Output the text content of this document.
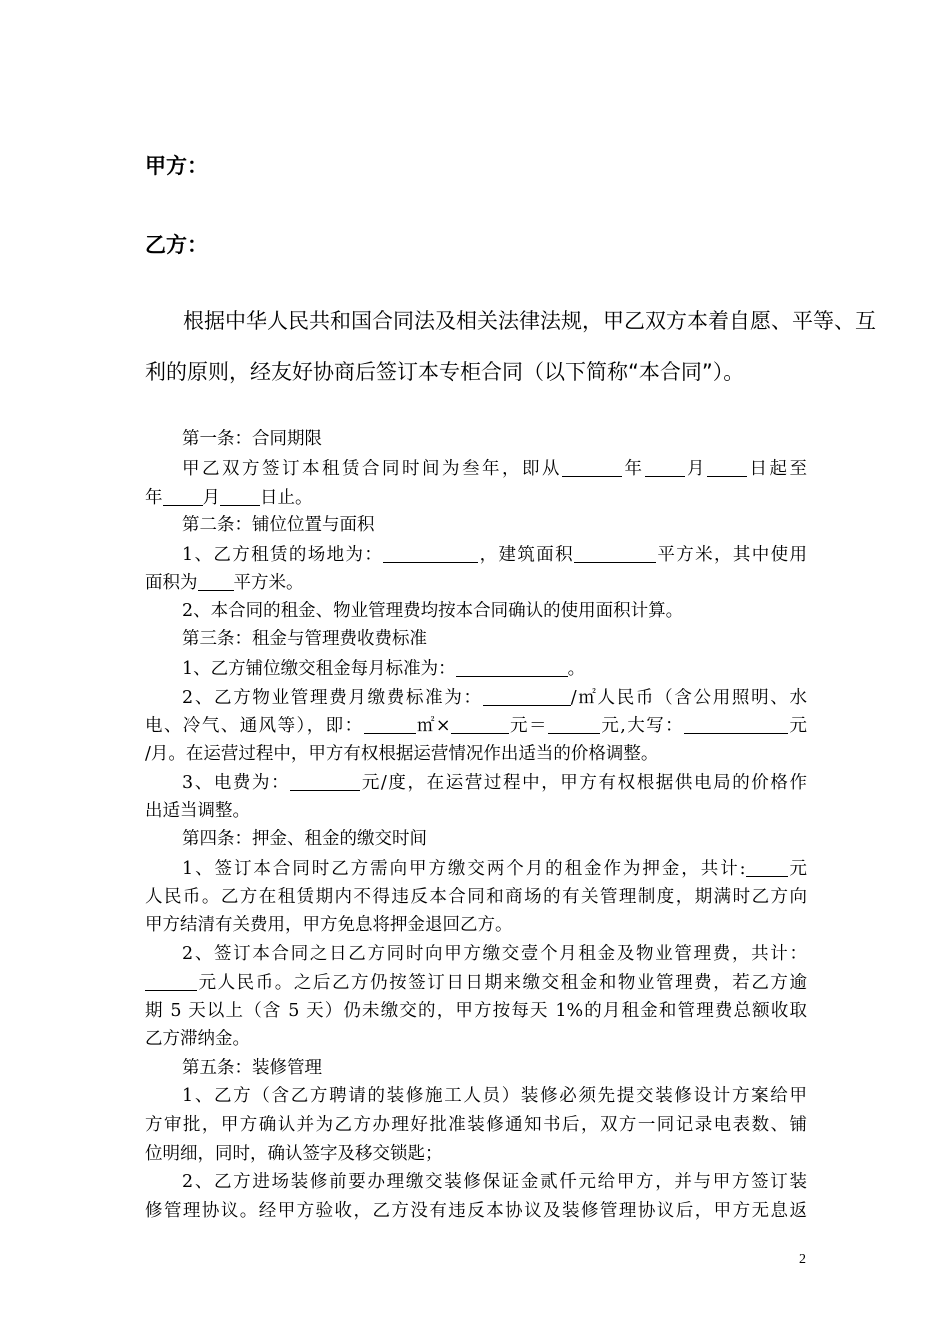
甲方：
乙方：
根据中华人民共和国合同法及相关法律法规，甲乙双方本着自愿、平等、互
利的原则，经友好协商后签订本专柜合同（以下简称“本合同”）。
第一条：合同期限
甲乙双方签订本租赁合同时间为叁年，即从	年 月 日起至
年 月 日止。
第二条：铺位位置与面积
1、乙方租赁的场地为：	，建筑面积	平方米，其中使用
面积为 平方米。
2、本合同的租金、物业管理费均按本合同确认的使用面积计算。
第三条：租金与管理费收费标准
1、乙方铺位缴交租金每月标准为：	。
2、乙方物业管理费月缴费标准为：	/㎡人民币（含公用照明、水
电、冷气、通风等），即：	㎡×	元＝	元,大写：	元
/月。在运营过程中，甲方有权根据运营情况作出适当的价格调整。
3、电费为：	元/度，在运营过程中，甲方有权根据供电局的价格作
出适当调整。
第四条：押金、租金的缴交时间
1、签订本合同时乙方需向甲方缴交两个月的租金作为押金，共计: 元
人民币。乙方在租赁期内不得违反本合同和商场的有关管理制度，期满时乙方向
甲方结清有关费用，甲方免息将押金退回乙方。
2、签订本合同之日乙方同时向甲方缴交壹个月租金及物业管理费，共计：
元人民币。之后乙方仍按签订日日期来缴交租金和物业管理费，若乙方逾
期 5 天以上（含 5 天）仍未缴交的，甲方按每天 1%的月租金和管理费总额收取
乙方滞纳金。
第五条：装修管理
1、乙方（含乙方聘请的装修施工人员）装修必须先提交装修设计方案给甲
方审批，甲方确认并为乙方办理好批准装修通知书后，双方一同记录电表数、铺
位明细，同时，确认签字及移交锁匙；
2、乙方进场装修前要办理缴交装修保证金贰仟元给甲方，并与甲方签订装
修管理协议。经甲方验收，乙方没有违反本协议及装修管理协议后，甲方无息返
2
